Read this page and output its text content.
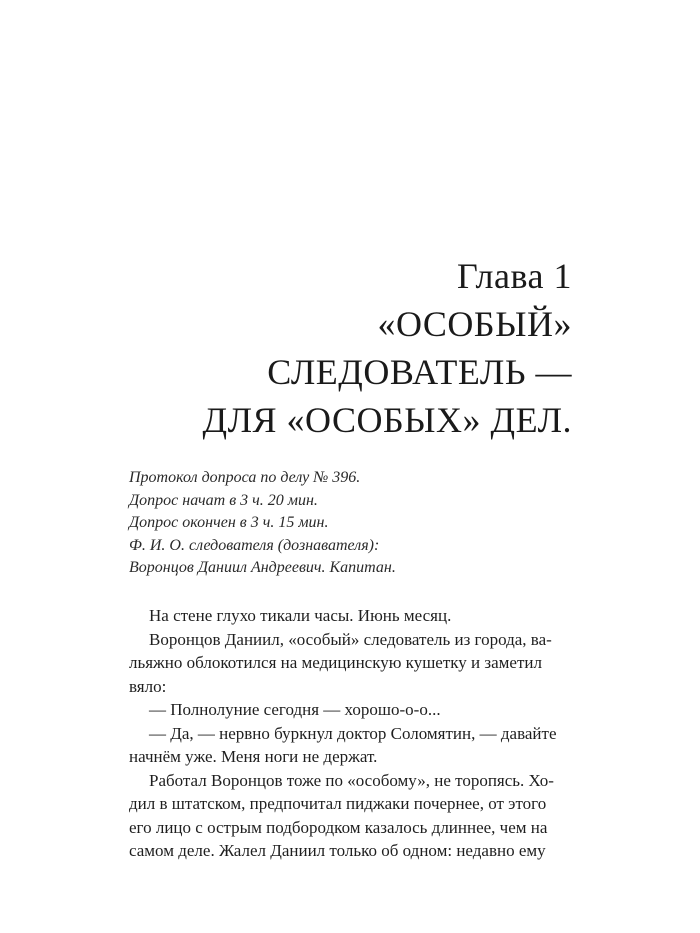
Глава 1
«ОСОБЫЙ»
СЛЕДОВАТЕЛЬ —
ДЛЯ «ОСОБЫХ» ДЕЛ.
Протокол допроса по делу № 396.
Допрос начат в 3 ч. 20 мин.
Допрос окончен в 3 ч. 15 мин.
Ф. И. О. следователя (дознавателя):
Воронцов Даниил Андреевич. Капитан.
На стене глухо тикали часы. Июнь месяц.
Воронцов Даниил, «особый» следователь из города, ва-
льяжно облокотился на медицинскую кушетку и заметил
вяло:
— Полнолуние сегодня — хорошо-о-о...
— Да, — нервно буркнул доктор Соломятин, — давайте
начнём уже. Меня ноги не держат.
Работал Воронцов тоже по «особому», не торопясь. Хо-
дил в штатском, предпочитал пиджаки почернее, от этого
его лицо с острым подбородком казалось длиннее, чем на
самом деле. Жалел Даниил только об одном: недавно ему
